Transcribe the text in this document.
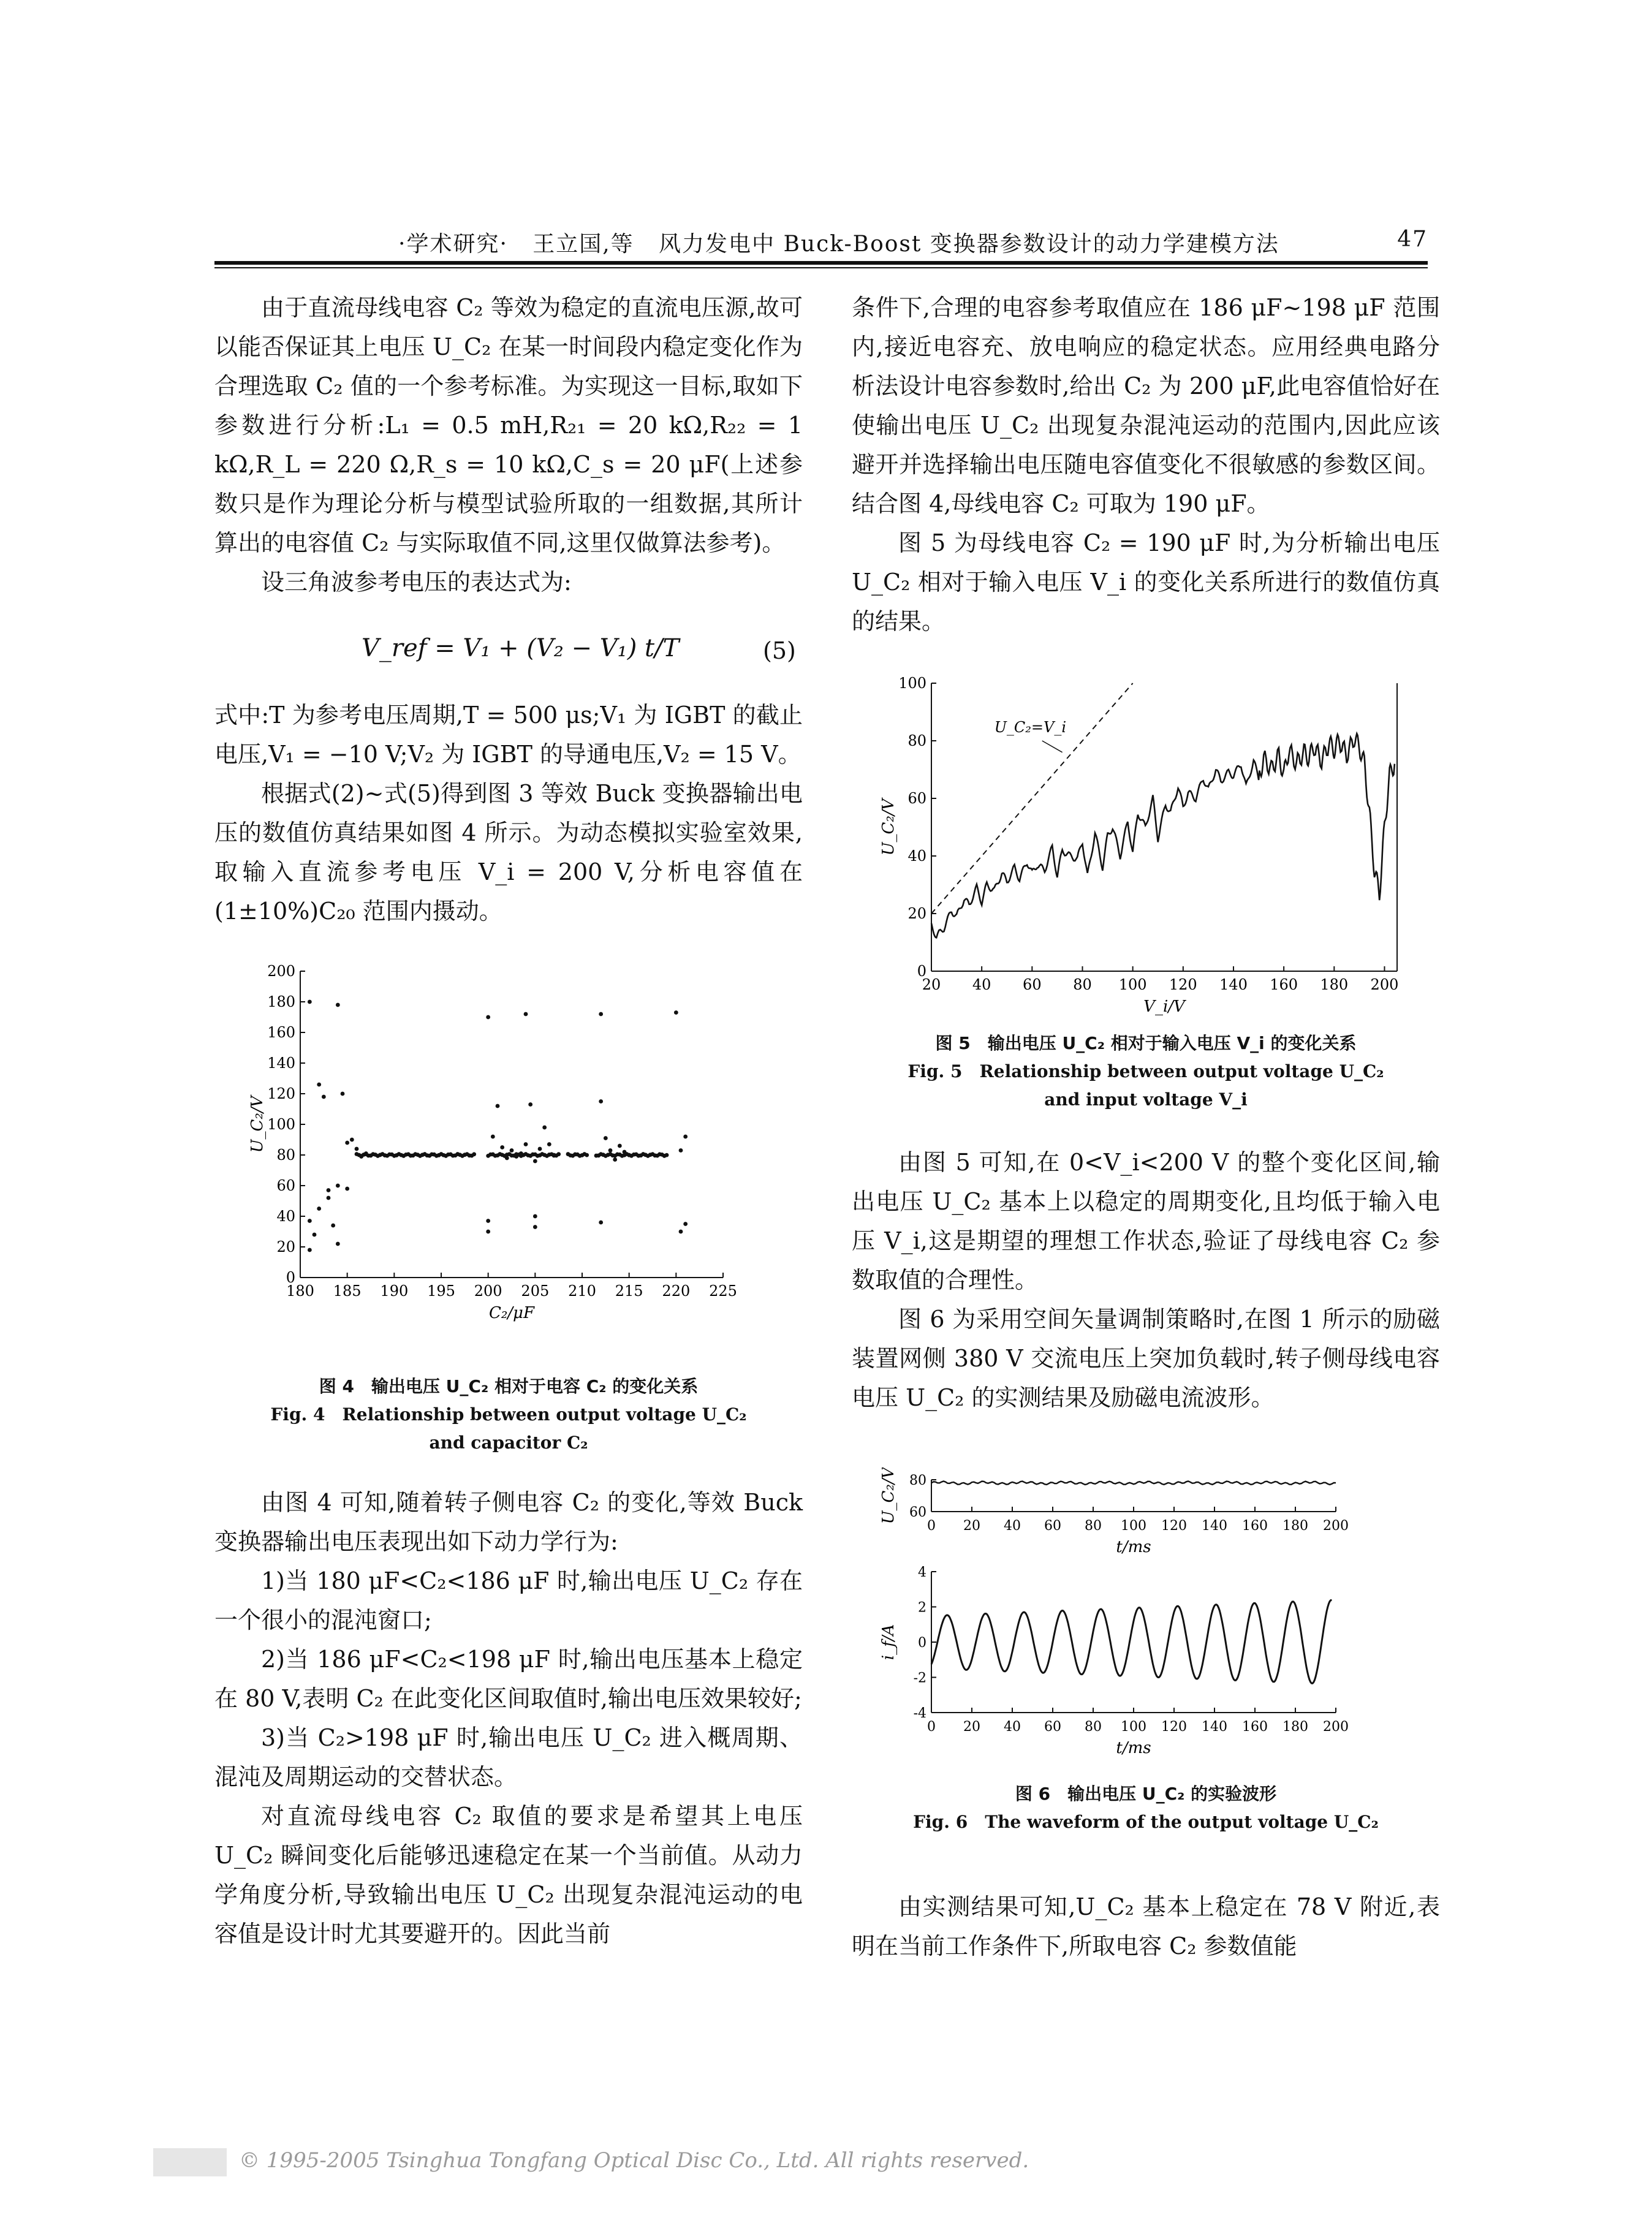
·学术研究· 王立国,等 风力发电中 Buck-Boost 变换器参数设计的动力学建模方法	47

由于直流母线电容 C₂ 等效为稳定的直流电压源,故可以能否保证其上电压 U_C₂ 在某一时间段内稳定变化作为合理选取 C₂ 值的一个参考标准。为实现这一目标,取如下参数进行分析:L₁ = 0.5 mH,R₂₁ = 20 kΩ,R₂₂ = 1 kΩ,R_L = 220 Ω,R_s = 10 kΩ,C_s = 20 μF(上述参数只是作为理论分析与模型试验所取的一组数据,其所计算出的电容值 C₂ 与实际取值不同,这里仅做算法参考)。

设三角波参考电压的表达式为:

V_ref = V₁ + (V₂ − V₁) t/T	(5)

式中:T 为参考电压周期,T = 500 μs;V₁ 为 IGBT 的截止电压,V₁ = −10 V;V₂ 为 IGBT 的导通电压,V₂ = 15 V。

根据式(2)~式(5)得到图 3 等效 Buck 变换器输出电压的数值仿真结果如图 4 所示。为动态模拟实验室效果,取输入直流参考电压 V_i = 200 V,分析电容值在(1±10%)C₂₀ 范围内摄动。

180 185 190 195 200 205 210 215 220 225
0
20
40
60
80
100
120
140
160
180
200
C₂/μF
U_C₂/V
图 4　输出电压 U_C₂ 相对于电容 C₂ 的变化关系
Fig. 4　Relationship between output voltage U_C₂
and capacitor C₂

由图 4 可知,随着转子侧电容 C₂ 的变化,等效 Buck 变换器输出电压表现出如下动力学行为:

1)当 180 μF<C₂<186 μF 时,输出电压 U_C₂ 存在一个很小的混沌窗口;

2)当 186 μF<C₂<198 μF 时,输出电压基本上稳定在 80 V,表明 C₂ 在此变化区间取值时,输出电压效果较好;

3)当 C₂>198 μF 时,输出电压 U_C₂ 进入概周期、混沌及周期运动的交替状态。

对直流母线电容 C₂ 取值的要求是希望其上电压 U_C₂ 瞬间变化后能够迅速稳定在某一个当前值。从动力学角度分析,导致输出电压 U_C₂ 出现复杂混沌运动的电容值是设计时尤其要避开的。因此当前

条件下,合理的电容参考取值应在 186 μF~198 μF 范围内,接近电容充、放电响应的稳定状态。应用经典电路分析法设计电容参数时,给出 C₂ 为 200 μF,此电容值恰好在使输出电压 U_C₂ 出现复杂混沌运动的范围内,因此应该避开并选择输出电压随电容值变化不很敏感的参数区间。结合图 4,母线电容 C₂ 可取为 190 μF。

图 5 为母线电容 C₂ = 190 μF 时,为分析输出电压 U_C₂ 相对于输入电压 V_i 的变化关系所进行的数值仿真的结果。

20 40 60 80 100 120 140 160 180 200
0
20
40
60
80
100
V_i/V
U_C₂/V
U_C₂=V_i
图 5　输出电压 U_C₂ 相对于输入电压 V_i 的变化关系
Fig. 5　Relationship between output voltage U_C₂
and input voltage V_i

由图 5 可知,在 0<V_i<200 V 的整个变化区间,输出电压 U_C₂ 基本上以稳定的周期变化,且均低于输入电压 V_i,这是期望的理想工作状态,验证了母线电容 C₂ 参数取值的合理性。

图 6 为采用空间矢量调制策略时,在图 1 所示的励磁装置网侧 380 V 交流电压上突加负载时,转子侧母线电容电压 U_C₂ 的实测结果及励磁电流波形。

0 20 40 60 80 100 120 140 160 180 200
60
80
t/ms
U_C₂/V
0 20 40 60 80 100 120 140 160 180 200
-4
-2
0
2
4
t/ms
i_f/A
图 6　输出电压 U_C₂ 的实验波形
Fig. 6　The waveform of the output voltage U_C₂

由实测结果可知,U_C₂ 基本上稳定在 78 V 附近,表明在当前工作条件下,所取电容 C₂ 参数值能

© 1995-2005 Tsinghua Tongfang Optical Disc Co., Ltd. All rights reserved.
